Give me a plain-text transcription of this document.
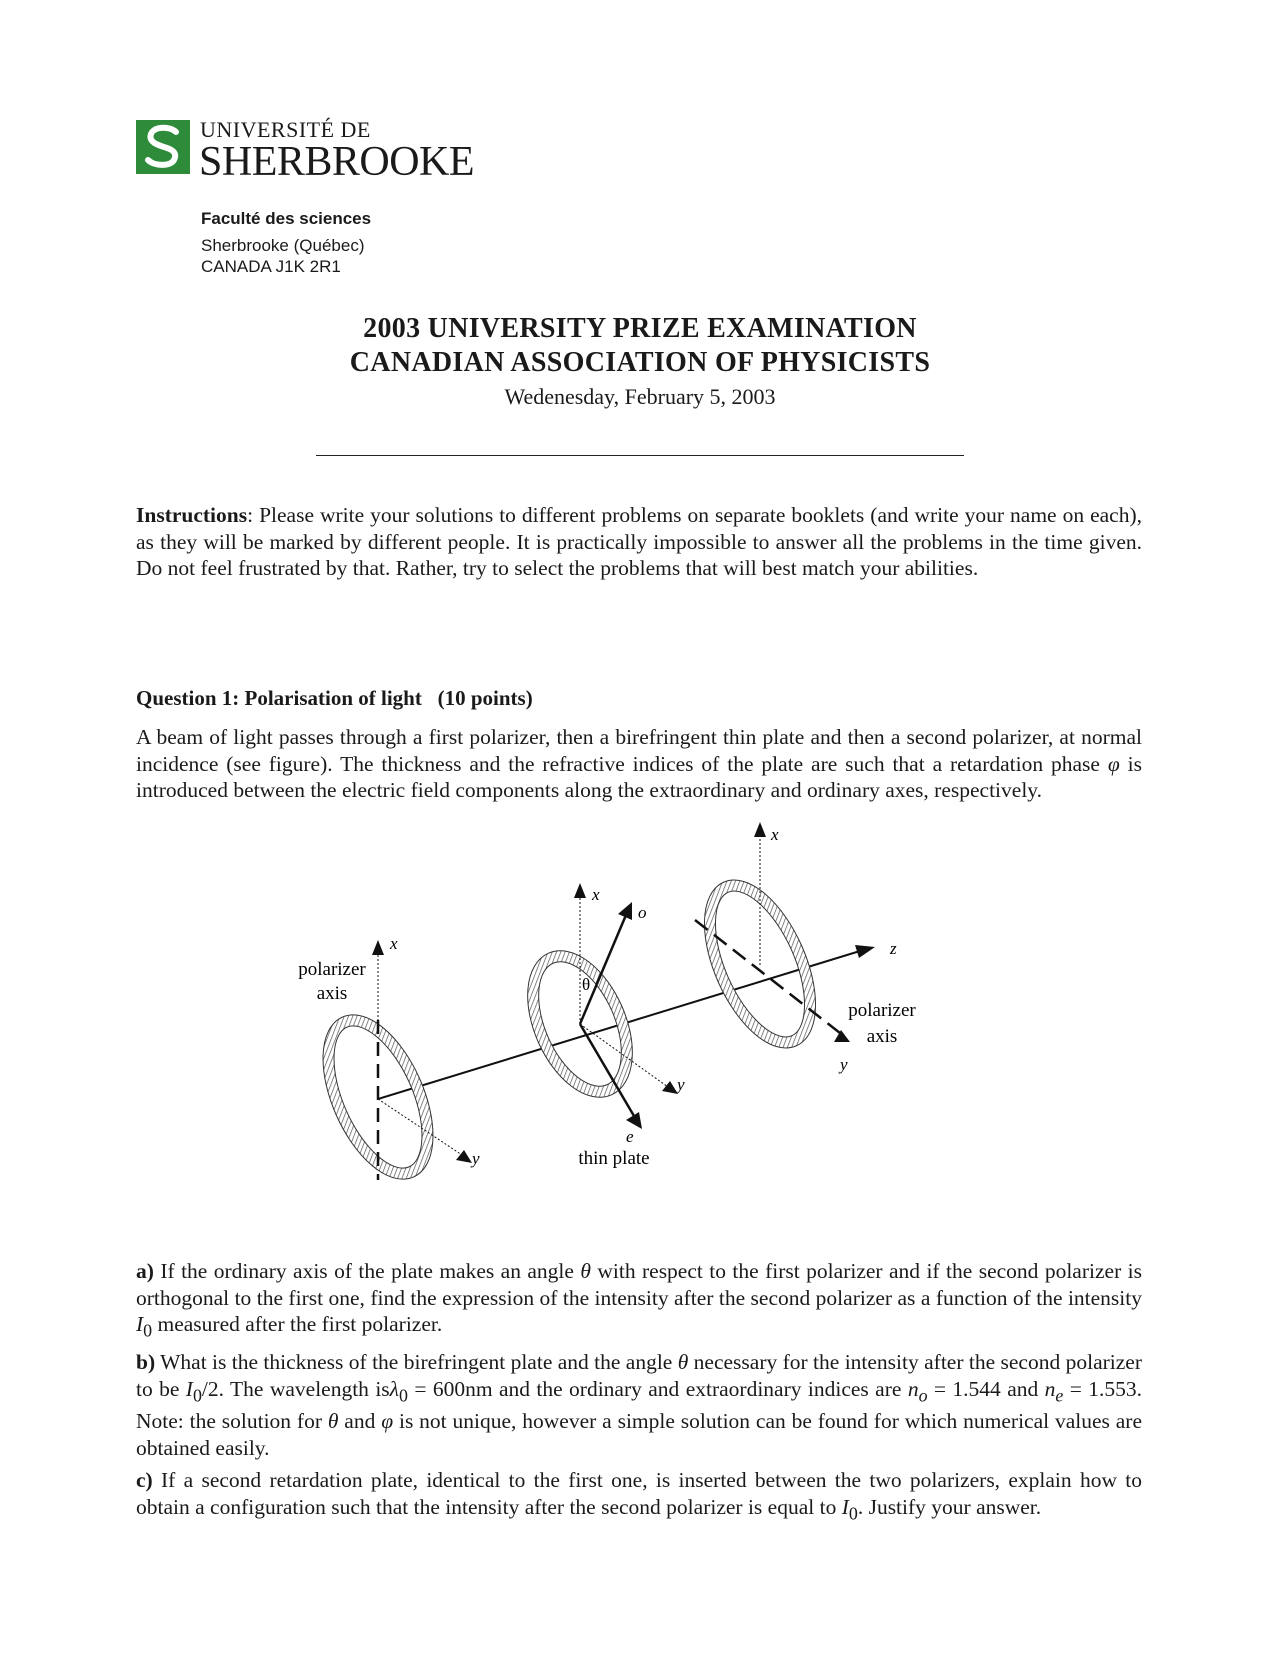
UNIVERSITÉ DE
SHERBROOKE
Faculté des sciences
Sherbrooke (Québec)
CANADA J1K 2R1
2003 UNIVERSITY PRIZE EXAMINATION
CANADIAN ASSOCIATION OF PHYSICISTS
Wedenesday, February 5, 2003
Instructions: Please write your solutions to different problems on separate booklets (and write your name on each), as they will be marked by different people. It is practically impossible to answer all the problems in the time given. Do not feel frustrated by that. Rather, try to select the problems that will best match your abilities.
Question 1: Polarisation of light   (10 points)
A beam of light passes through a first polarizer, then a birefringent thin plate and then a second polarizer, at normal incidence (see figure). The thickness and the refractive indices of the plate are such that a retardation phase φ is introduced between the electric field components along the extraordinary and ordinary axes, respectively.
polarizer
axis
x
y
x
o
θ
y
e
thin plate
x
z
polarizer
axis
y
a) If the ordinary axis of the plate makes an angle θ with respect to the first polarizer and if the second polarizer is orthogonal to the first one, find the expression of the intensity after the second polarizer as a function of the intensity $I_0$ measured after the first polarizer.
b) What is the thickness of the birefringent plate and the angle θ necessary for the intensity after the second polarizer to be $I_0/2$. The wavelength isλ$_0$ = 600nm and the ordinary and extraordinary indices are $n_o = 1.544$ and $n_e = 1.553$. Note: the solution for θ and φ is not unique, however a simple solution can be found for which numerical values are obtained easily.
c) If a second retardation plate, identical to the first one, is inserted between the two polarizers, explain how to obtain a configuration such that the intensity after the second polarizer is equal to $I_0$. Justify your answer.
